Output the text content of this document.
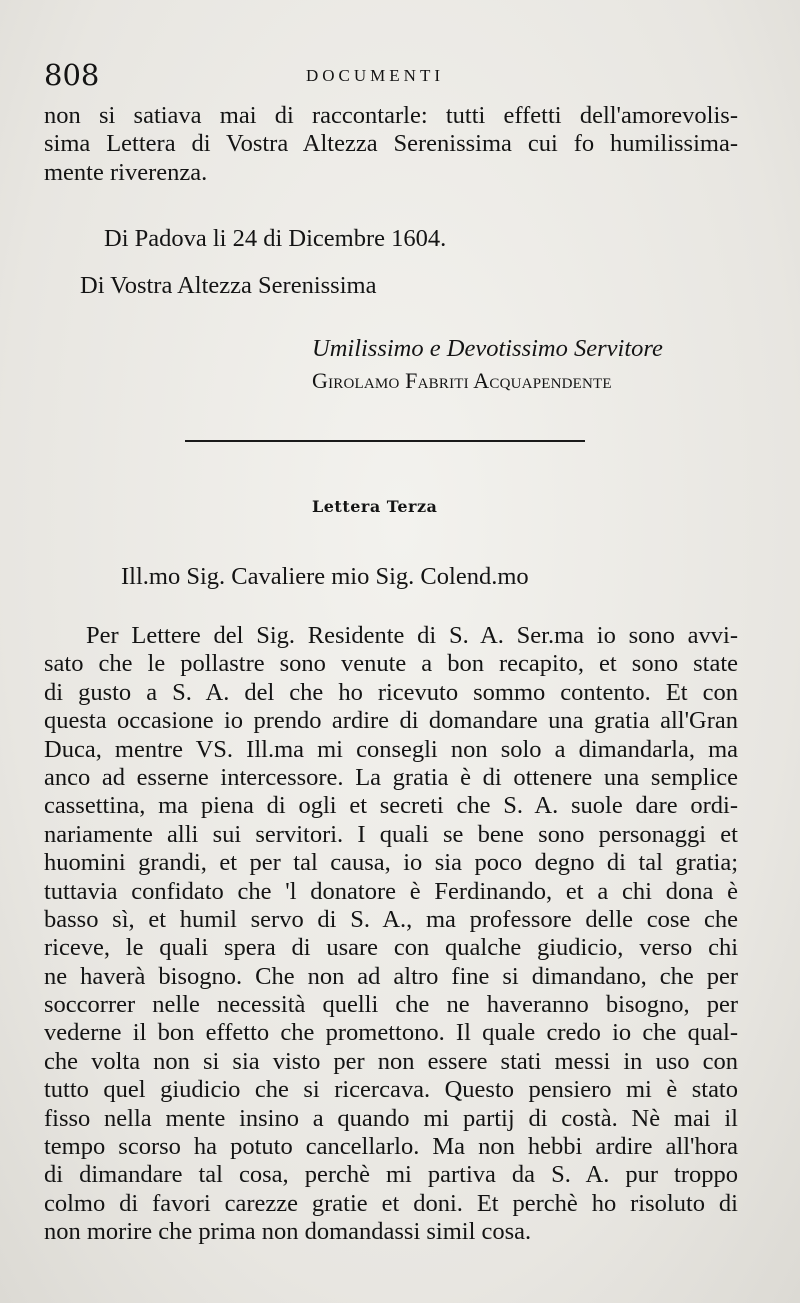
808	DOCUMENTI
non si satiava mai di raccontarle: tutti effetti dell'amorevolis-
sima Lettera di Vostra Altezza Serenissima cui fo humilissima-
mente riverenza.
Di Padova li 24 di Dicembre 1604.
Di Vostra Altezza Serenissima
Umilissimo e Devotissimo Servitore
Girolamo Fabriti Acquapendente
Lettera Terza
Ill.mo Sig. Cavaliere mio Sig. Colend.mo
Per Lettere del Sig. Residente di S. A. Ser.ma io sono avvi-
sato che le pollastre sono venute a bon recapito, et sono state
di gusto a S. A. del che ho ricevuto sommo contento. Et con
questa occasione io prendo ardire di domandare una gratia all'Gran
Duca, mentre VS. Ill.ma mi consegli non solo a dimandarla, ma
anco ad esserne intercessore. La gratia è di ottenere una semplice
cassettina, ma piena di ogli et secreti che S. A. suole dare ordi-
nariamente alli sui servitori. I quali se bene sono personaggi et
huomini grandi, et per tal causa, io sia poco degno di tal gratia;
tuttavia confidato che 'l donatore è Ferdinando, et a chi dona è
basso sì, et humil servo di S. A., ma professore delle cose che
riceve, le quali spera di usare con qualche giudicio, verso chi
ne haverà bisogno. Che non ad altro fine si dimandano, che per
soccorrer nelle necessità quelli che ne haveranno bisogno, per
vederne il bon effetto che promettono. Il quale credo io che qual-
che volta non si sia visto per non essere stati messi in uso con
tutto quel giudicio che si ricercava. Questo pensiero mi è stato
fisso nella mente insino a quando mi partij di costà. Nè mai il
tempo scorso ha potuto cancellarlo. Ma non hebbi ardire all'hora
di dimandare tal cosa, perchè mi partiva da S. A. pur troppo
colmo di favori carezze gratie et doni. Et perchè ho risoluto di
non morire che prima non domandassi simil cosa.
